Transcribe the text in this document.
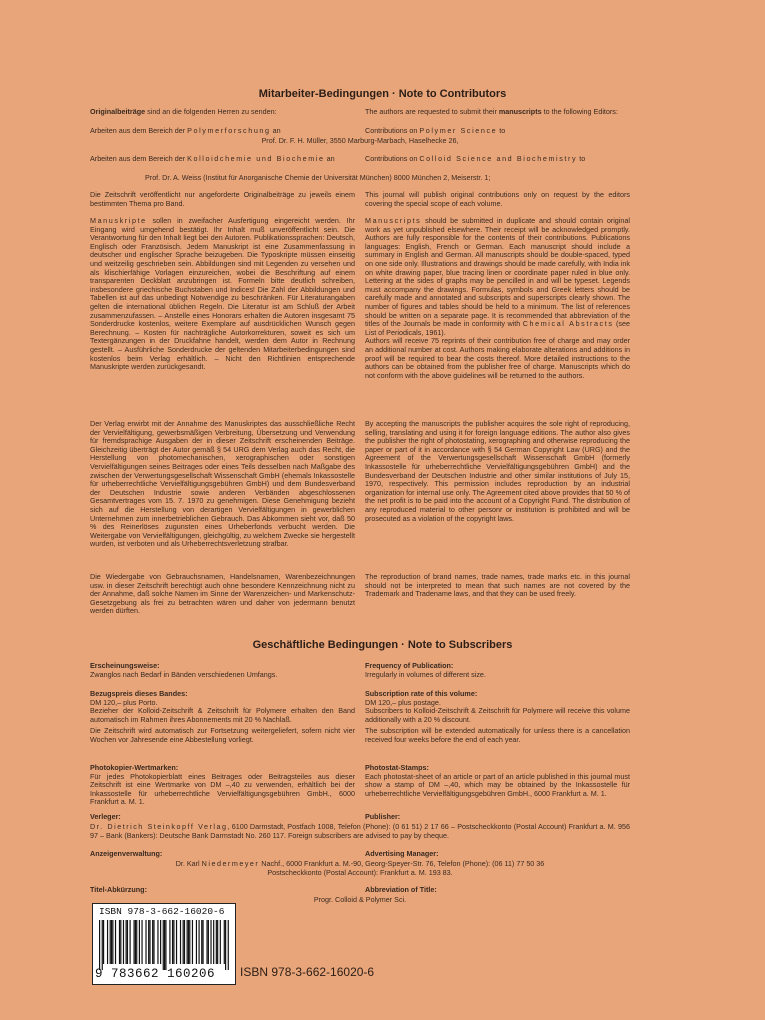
Mitarbeiter-Bedingungen · Note to Contributors
Originalbeiträge sind an die folgenden Herren zu senden:	The authors are requested to submit their manuscripts to the following Editors:
Arbeiten aus dem Bereich der Polymerforschung an	Contributions on Polymer Science to
Prof. Dr. F. H. Müller, 3550 Marburg-Marbach, Haselhecke 26,
Arbeiten aus dem Bereich der Kolloidchemie und Biochemie an	Contributions on Colloid Science and Biochemistry to
Prof. Dr. A. Weiss (Institut für Anorganische Chemie der Universität München) 8000 München 2, Meiserstr. 1;
Die Zeitschrift veröffentlicht nur angeforderte Originalbeiträge zu jeweils einem bestimmten Thema pro Band.
This journal will publish original contributions only on request by the editors covering the special scope of each volume.
Manuskripte sollen in zweifacher Ausfertigung eingereicht werden. Ihr Eingang wird umgehend bestätigt. Ihr Inhalt muß unveröffentlicht sein. Die Verantwortung für den Inhalt liegt bei den Autoren. Publikationssprachen: Deutsch, Englisch oder Französisch. Jedem Manuskript ist eine Zusammenfassung in deutscher und englischer Sprache beizugeben. Die Typoskripte müssen einseitig und weitzeilig geschrieben sein. Abbildungen sind mit Legenden zu versehen und als klischierfähige Vorlagen einzureichen, wobei die Beschriftung auf einem transparenten Deckblatt anzubringen ist. Formeln bitte deutlich schreiben, insbesondere griechische Buchstaben und Indices! Die Zahl der Abbildungen und Tabellen ist auf das unbedingt Notwendige zu beschränken. Für Literaturangaben gelten die international üblichen Regeln. Die Literatur ist am Schluß der Arbeit zusammenzufassen. – Anstelle eines Honorars erhalten die Autoren insgesamt 75 Sonderdrucke kostenlos, weitere Exemplare auf ausdrücklichen Wunsch gegen Berechnung. – Kosten für nachträgliche Autorkorrekturen, soweit es sich um Textergänzungen in der Druckfahne handelt, werden dem Autor in Rechnung gestellt. – Ausführliche Sonderdrucke der geltenden Mitarbeiterbedingungen sind kostenlos beim Verlag erhältlich. – Nicht den Richtlinien entsprechende Manuskripte werden zurückgesandt.
Manuscripts should be submitted in duplicate and should contain original work as yet unpublished elsewhere. Their receipt will be acknowledged promptly. Authors are fully responsible for the contents of their contributions. Publications languages: English, French or German. Each manuscript should include a summary in English and German. All manuscripts should be double-spaced, typed on one side only. Illustrations and drawings should be made carefully, with India ink on white drawing paper, blue tracing linen or coordinate paper ruled in blue only. Lettering at the sides of graphs may be pencilled in and will be typeset. Legends must accompany the drawings. Formulas, symbols and Greek letters should be carefully made and annotated and subscripts and superscripts clearly shown. The number of figures and tables should be held to a minimum. The list of references should be written on a separate page. It is recommended that abbreviation of the titles of the Journals be made in conformity with Chemical Abstracts (see List of Periodicals, 1961).
Authors will receive 75 reprints of their contribution free of charge and may order an additional number at cost. Authors making elaborate alterations and additions in proof will be required to bear the costs thereof. More detailed instructions to the authors can be obtained from the publisher free of charge. Manuscripts which do not conform with the above guidelines will be returned to the authors.
Der Verlag erwirbt mit der Annahme des Manuskriptes das ausschließliche Recht der Vervielfältigung, gewerbsmäßigen Verbreitung, Übersetzung und Verwendung für fremdsprachige Ausgaben der in dieser Zeitschrift erscheinenden Beiträge. Gleichzeitig überträgt der Autor gemäß § 54 URG dem Verlag auch das Recht, die Herstellung von photomechanischen, xerographischen oder sonstigen Vervielfältigungen seines Beitrages oder eines Teils desselben nach Maßgabe des zwischen der Verwertungsgesellschaft Wissenschaft GmbH (ehemals Inkassostelle für urheberrechtliche Vervielfältigungsgebühren GmbH) und dem Bundesverband der Deutschen Industrie sowie anderen Verbänden abgeschlossenen Gesamtvertrages vom 15. 7. 1970 zu genehmigen. Diese Genehmigung bezieht sich auf die Herstellung von derartigen Vervielfältigungen in gewerblichen Unternehmen zum innerbetrieblichen Gebrauch. Das Abkommen sieht vor, daß 50 % des Reinerlöses zugunsten eines Urheberfonds verbucht werden. Die Weitergabe von Vervielfältigungen, gleichgültig, zu welchem Zwecke sie hergestellt wurden, ist verboten und als Urheberrechtsverletzung strafbar.
By accepting the manuscripts the publisher acquires the sole right of reproducing, selling, translating and using it for foreign language editions. The author also gives the publisher the right of photostating, xerographing and otherwise reproducing the paper or part of it in accordance with § 54 German Copyright Law (URG) and the Agreement of the Verwertungsgesellschaft Wissenschaft GmbH (formerly Inkassostelle für urheberrechtliche Vervielfältigungsgebühren GmbH) and the Bundesverband der Deutschen Industrie and other similar institutions of July 15, 1970, respectively. This permission includes reproduction by an industrial organization for internal use only. The Agreement cited above provides that 50 % of the net profit is to be paid into the account of a Copyright Fund. The distribution of any reproduced material to other personr or institution is prohibited and will be prosecuted as a violation of the copyright laws.
Die Wiedergabe von Gebrauchsnamen, Handelsnamen, Warenbezeichnungen usw. in dieser Zeitschrift berechtigt auch ohne besondere Kennzeichnung nicht zu der Annahme, daß solche Namen im Sinne der Warenzeichen- und Markenschutz-Gesetzgebung als frei zu betrachten wären und daher von jedermann benutzt werden dürften.
The reproduction of brand names, trade names, trade marks etc. in this journal should not be interpreted to mean that such names are not covered by the Trademark and Tradename laws, and that they can be used freely.
Geschäftliche Bedingungen · Note to Subscribers
Erscheinungsweise:
Zwanglos nach Bedarf in Bänden verschiedenen Umfangs.
Frequency of Publication:
Irregularly in volumes of different size.
Bezugspreis dieses Bandes:
DM 120,– plus Porto.
Bezieher der Kolloid-Zeitschrift & Zeitschrift für Polymere erhalten den Band automatisch im Rahmen ihres Abonnements mit 20 % Nachlaß.
Die Zeitschrift wird automatisch zur Fortsetzung weitergeliefert, sofern nicht vier Wochen vor Jahresende eine Abbestellung vorliegt.
Subscription rate of this volume:
DM 120,– plus postage.
Subscribers to Kolloid-Zeitschrift & Zeitschrift für Polymere will receive this volume additionally with a 20 % discount.
The subscription will be extended automatically for unless there is a cancellation received four weeks before the end of each year.
Photokopier-Wertmarken:
Für jedes Photokopierblatt eines Beitrages oder Beitragsteiles aus dieser Zeitschrift ist eine Wertmarke von DM –,40 zu verwenden, erhältlich bei der Inkassostelle für urheberrechtliche Vervielfältigungsgebühren GmbH., 6000 Frankfurt a. M. 1.
Photostat-Stamps:
Each photostat-sheet of an article or part of an article published in this journal must show a stamp of DM –,40, which may be obtained by the Inkassostelle für urheberrechtliche Vervielfältigungsgebühren GmbH., 6000 Frankfurt a. M. 1.
Verleger:	Publisher:
Dr. Dietrich Steinkopff Verlag, 6100 Darmstadt, Postfach 1008, Telefon (Phone): (0 61 51) 2 17 66 – Postscheckkonto (Postal Account) Frankfurt a. M. 956 97 – Bank (Bankers): Deutsche Bank Darmstadt No. 260 117. Foreign subscribers are advised to pay by cheque.
Anzeigenverwaltung:	Advertising Manager:
Dr. Karl Niedermeyer Nachf., 6000 Frankfurt a. M.-90, Georg-Speyer-Str. 76, Telefon (Phone): (06 11) 77 50 36
Postscheckkonto (Postal Account): Frankfurt a. M. 193 83.
Titel-Abkürzung:	Abbreviation of Title:
Progr. Colloid & Polymer Sci.
ISBN 978-3-662-16020-6
9 783662 160206 ISBN 978-3-662-16020-6
